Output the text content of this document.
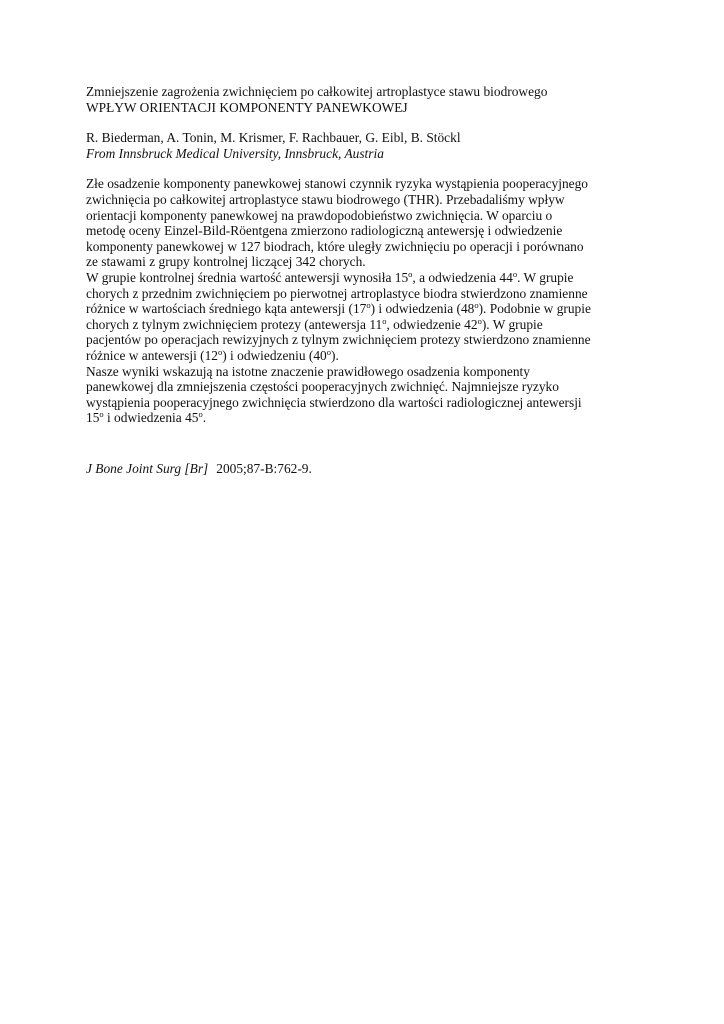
Zmniejszenie zagrożenia zwichnięciem po całkowitej artroplastyce stawu biodrowego
WPŁYW ORIENTACJI KOMPONENTY PANEWKOWEJ
R. Biederman, A. Tonin, M. Krismer, F. Rachbauer, G. Eibl, B. Stöckl
From Innsbruck Medical University, Innsbruck, Austria
Złe osadzenie komponenty panewkowej stanowi czynnik ryzyka wystąpienia pooperacyjnego
zwichnięcia po całkowitej artroplastyce stawu biodrowego (THR). Przebadaliśmy wpływ
orientacji komponenty panewkowej na prawdopodobieństwo zwichnięcia. W oparciu o
metodę oceny Einzel-Bild-Röentgena zmierzono radiologiczną antewersję i odwiedzenie
komponenty panewkowej w 127 biodrach, które uległy zwichnięciu po operacji i porównano
ze stawami z grupy kontrolnej liczącej 342 chorych.
W grupie kontrolnej średnia wartość antewersji wynosiła 15$^o$, a odwiedzenia 44$^o$. W grupie
chorych z przednim zwichnięciem po pierwotnej artroplastyce biodra stwierdzono znamienne
różnice w wartościach średniego kąta antewersji (17$^o$) i odwiedzenia (48$^o$). Podobnie w grupie
chorych z tylnym zwichnięciem protezy (antewersja 11$^o$, odwiedzenie 42$^o$). W grupie
pacjentów po operacjach rewizyjnych z tylnym zwichnięciem protezy stwierdzono znamienne
różnice w antewersji (12$^o$) i odwiedzeniu (40$^o$).
Nasze wyniki wskazują na istotne znaczenie prawidłowego osadzenia komponenty
panewkowej dla zmniejszenia częstości pooperacyjnych zwichnięć. Najmniejsze ryzyko
wystąpienia pooperacyjnego zwichnięcia stwierdzono dla wartości radiologicznej antewersji
15$^o$ i odwiedzenia 45$^o$.
J Bone Joint Surg [Br] 2005;87-B:762-9.
